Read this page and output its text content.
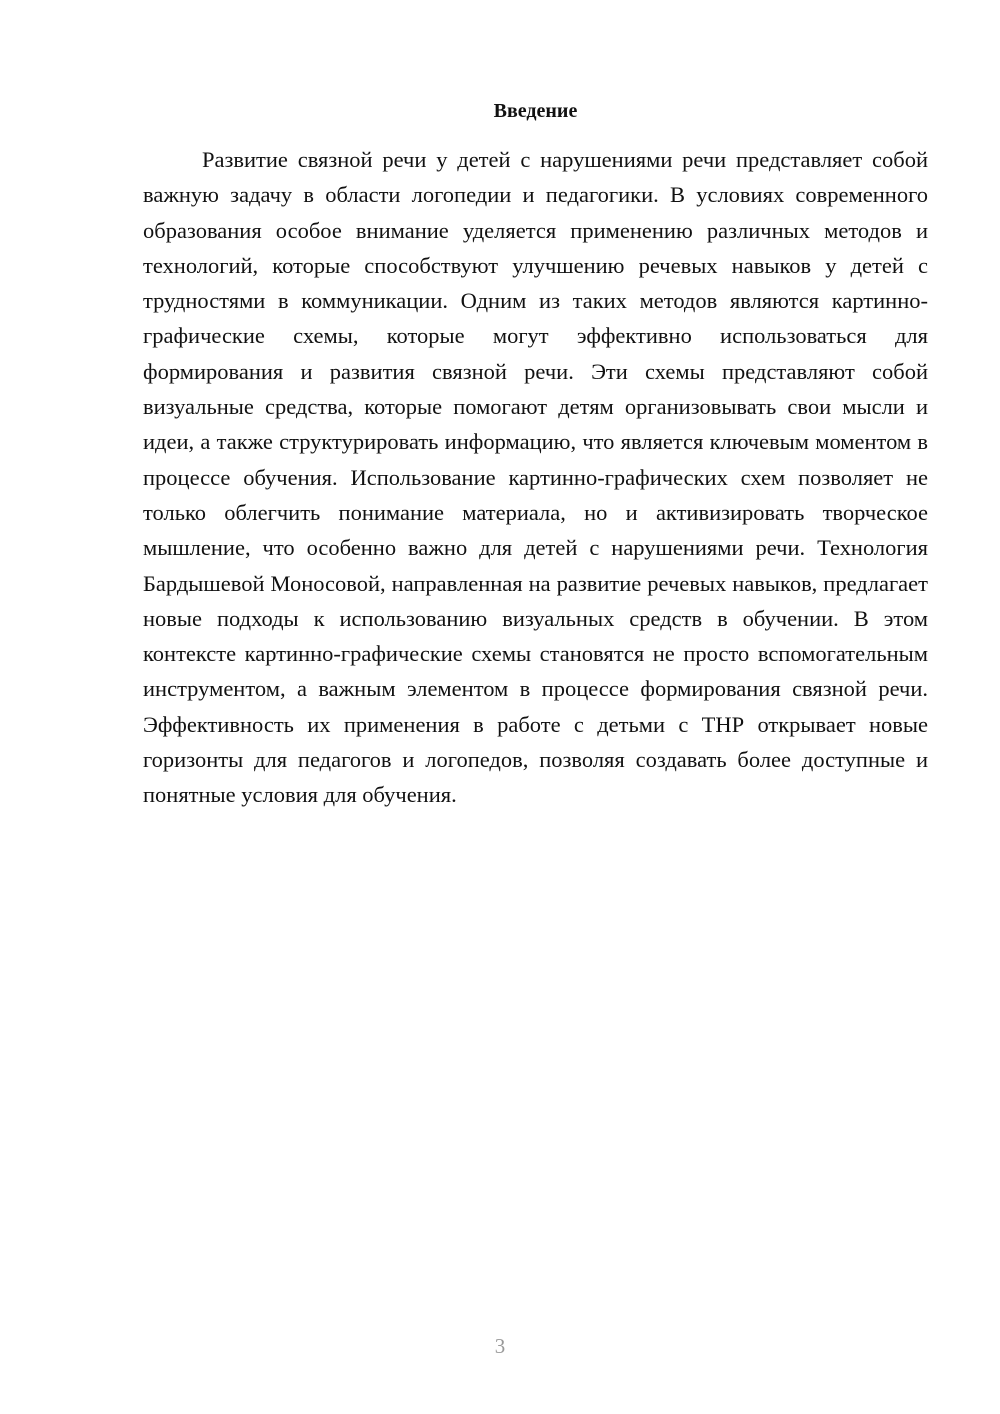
Введение

Развитие связной речи у детей с нарушениями речи представляет собой важную задачу в области логопедии и педагогики. В условиях современного образования особое внимание уделяется применению различных методов и технологий, которые способствуют улучшению речевых навыков у детей с трудностями в коммуникации. Одним из таких методов являются картинно-графические схемы, которые могут эффективно использоваться для формирования и развития связной речи. Эти схемы представляют собой визуальные средства, которые помогают детям организовывать свои мысли и идеи, а также структурировать информацию, что является ключевым моментом в процессе обучения. Использование картинно-графических схем позволяет не только облегчить понимание материала, но и активизировать творческое мышление, что особенно важно для детей с нарушениями речи. Технология Бардышевой Моносовой, направленная на развитие речевых навыков, предлагает новые подходы к использованию визуальных средств в обучении. В этом контексте картинно-графические схемы становятся не просто вспомогательным инструментом, а важным элементом в процессе формирования связной речи. Эффективность их применения в работе с детьми с ТНР открывает новые горизонты для педагогов и логопедов, позволяя создавать более доступные и понятные условия для обучения.

3
